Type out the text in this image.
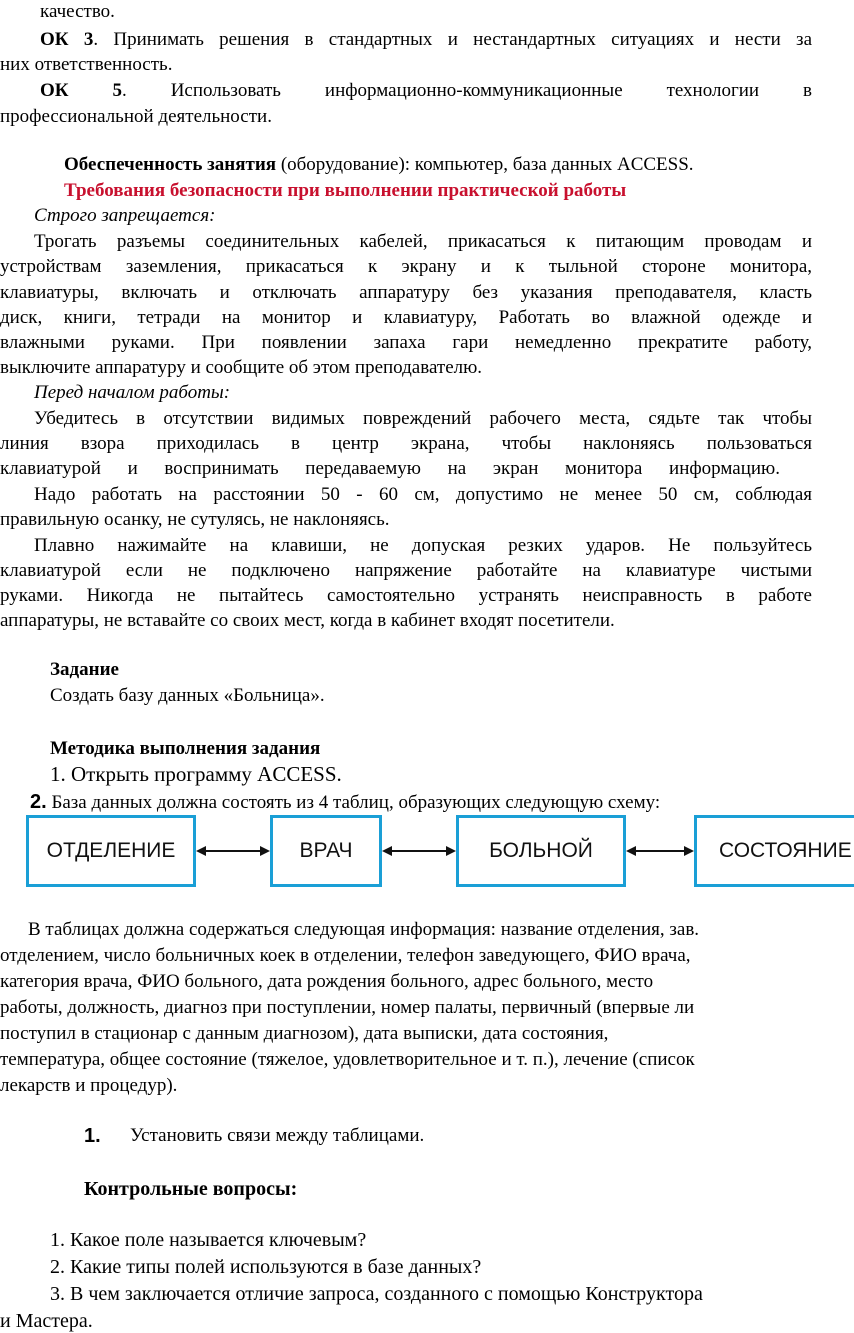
качество.
ОК 3. Принимать решения в стандартных и нестандартных ситуациях и нести за
них ответственность.
ОК 5. Использовать информационно-коммуникационные технологии в
профессиональной деятельности.
Обеспеченность занятия (оборудование): компьютер, база данных ACCESS.
Требования безопасности при выполнении практической работы
Строго запрещается:
Трогать разъемы соединительных кабелей, прикасаться к питающим проводам и
устройствам заземления, прикасаться к экрану и к тыльной стороне монитора,
клавиатуры, включать и отключать аппаратуру без указания преподавателя, класть
диск, книги, тетради на монитор и клавиатуру, Работать во влажной одежде и
влажными руками. При появлении запаха гари немедленно прекратите работу,
выключите аппаратуру и сообщите об этом преподавателю.
Перед началом работы:
Убедитесь в отсутствии видимых повреждений рабочего места, сядьте так чтобы
линия взора приходилась в центр экрана, чтобы наклоняясь пользоваться
клавиатурой и воспринимать передаваемую на экран монитора информацию.
Надо работать на расстоянии 50 - 60 см, допустимо не менее 50 см, соблюдая
правильную осанку, не сутулясь, не наклоняясь.
Плавно нажимайте на клавиши, не допуская резких ударов. Не пользуйтесь
клавиатурой если не подключено напряжение работайте на клавиатуре чистыми
руками. Никогда не пытайтесь самостоятельно устранять неисправность в работе
аппаратуры, не вставайте со своих мест, когда в кабинет входят посетители.
Задание
Создать базу данных «Больница».
Методика выполнения задания
1. Открыть программу ACCESS.
2. База данных должна состоять из 4 таблиц, образующих следующую схему:
ОТДЕЛЕНИЕ	ВРАЧ	БОЛЬНОЙ	СОСТОЯНИЕ
В таблицах должна содержаться следующая информация: название отделения, зав.
отделением, число больничных коек в отделении, телефон заведующего, ФИО врача,
категория врача, ФИО больного, дата рождения больного, адрес больного, место
работы, должность, диагноз при поступлении, номер палаты, первичный (впервые ли
поступил в стационар с данным диагнозом), дата выписки, дата состояния,
температура, общее состояние (тяжелое, удовлетворительное и т. п.), лечение (список
лекарств и процедур).
1. Установить связи между таблицами.
Контрольные вопросы:
1. Какое поле называется ключевым?
2. Какие типы полей используются в базе данных?
3. В чем заключается отличие запроса, созданного с помощью Конструктора
и Мастера.
